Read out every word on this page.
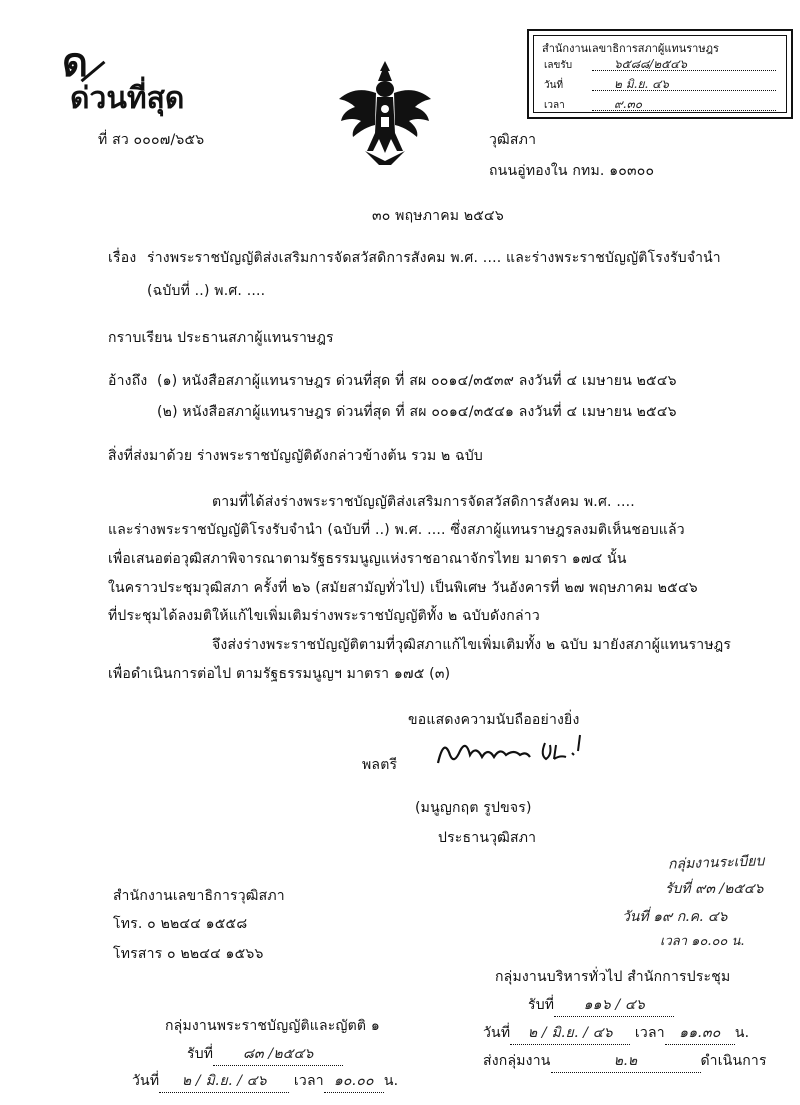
ด
ด่วนที่สุด
ที่ สว ๐๐๐๗/๖๕๖	วุฒิสภา
ถนนอู่ทองใน กทม. ๑๐๓๐๐
๓๐ พฤษภาคม ๒๕๔๖
สำนักงานเลขาธิการสภาผู้แทนราษฎร
เลขรับ	๖๕๘๘/๒๕๔๖
วันที่	๒ มิ.ย. ๔๖
เวลา	๙.๓๐
เรื่อง ร่างพระราชบัญญัติส่งเสริมการจัดสวัสดิการสังคม พ.ศ. .... และร่างพระราชบัญญัติโรงรับจำนำ
(ฉบับที่ ..) พ.ศ. ....
กราบเรียน ประธานสภาผู้แทนราษฎร
อ้างถึง (๑) หนังสือสภาผู้แทนราษฎร ด่วนที่สุด ที่ สผ ๐๐๑๔/๓๕๓๙ ลงวันที่ ๔ เมษายน ๒๕๔๖
(๒) หนังสือสภาผู้แทนราษฎร ด่วนที่สุด ที่ สผ ๐๐๑๔/๓๕๔๑ ลงวันที่ ๔ เมษายน ๒๕๔๖
สิ่งที่ส่งมาด้วย ร่างพระราชบัญญัติดังกล่าวข้างต้น รวม ๒ ฉบับ
ตามที่ได้ส่งร่างพระราชบัญญัติส่งเสริมการจัดสวัสดิการสังคม พ.ศ. ....
และร่างพระราชบัญญัติโรงรับจำนำ (ฉบับที่ ..) พ.ศ. .... ซึ่งสภาผู้แทนราษฎรลงมติเห็นชอบแล้ว
เพื่อเสนอต่อวุฒิสภาพิจารณาตามรัฐธรรมนูญแห่งราชอาณาจักรไทย มาตรา ๑๗๔ นั้น
ในคราวประชุมวุฒิสภา ครั้งที่ ๒๖ (สมัยสามัญทั่วไป) เป็นพิเศษ วันอังคารที่ ๒๗ พฤษภาคม ๒๕๔๖
ที่ประชุมได้ลงมติให้แก้ไขเพิ่มเติมร่างพระราชบัญญัติทั้ง ๒ ฉบับดังกล่าว
จึงส่งร่างพระราชบัญญัติตามที่วุฒิสภาแก้ไขเพิ่มเติมทั้ง ๒ ฉบับ มายังสภาผู้แทนราษฎร
เพื่อดำเนินการต่อไป ตามรัฐธรรมนูญฯ มาตรา ๑๗๕ (๓)
ขอแสดงความนับถืออย่างยิ่ง
พลตรี
(มนูญกฤต รูปขจร)
ประธานวุฒิสภา
กลุ่มงานระเบียบ
รับที่ ๙๓ /๒๕๔๖
วันที่ ๑๙ ก.ค. ๔๖
เวลา ๑๐.๐๐ น.
สำนักงานเลขาธิการวุฒิสภา
โทร. ๐ ๒๒๔๔ ๑๕๕๘
โทรสาร ๐ ๒๒๔๔ ๑๕๖๖
กลุ่มงานบริหารทั่วไป สำนักการประชุม
รับที่ ๑๑๖ / ๔๖
วันที่ ๒ / มิ.ย. / ๔๖ เวลา ๑๑.๓๐ น.
ส่งกลุ่มงาน	๒.๒	ดำเนินการ
กลุ่มงานพระราชบัญญัติและญัตติ ๑
รับที่ ๘๓ /๒๕๔๖
วันที่ ๒ / มิ.ย. / ๔๖ เวลา ๑๐.๐๐ น.
